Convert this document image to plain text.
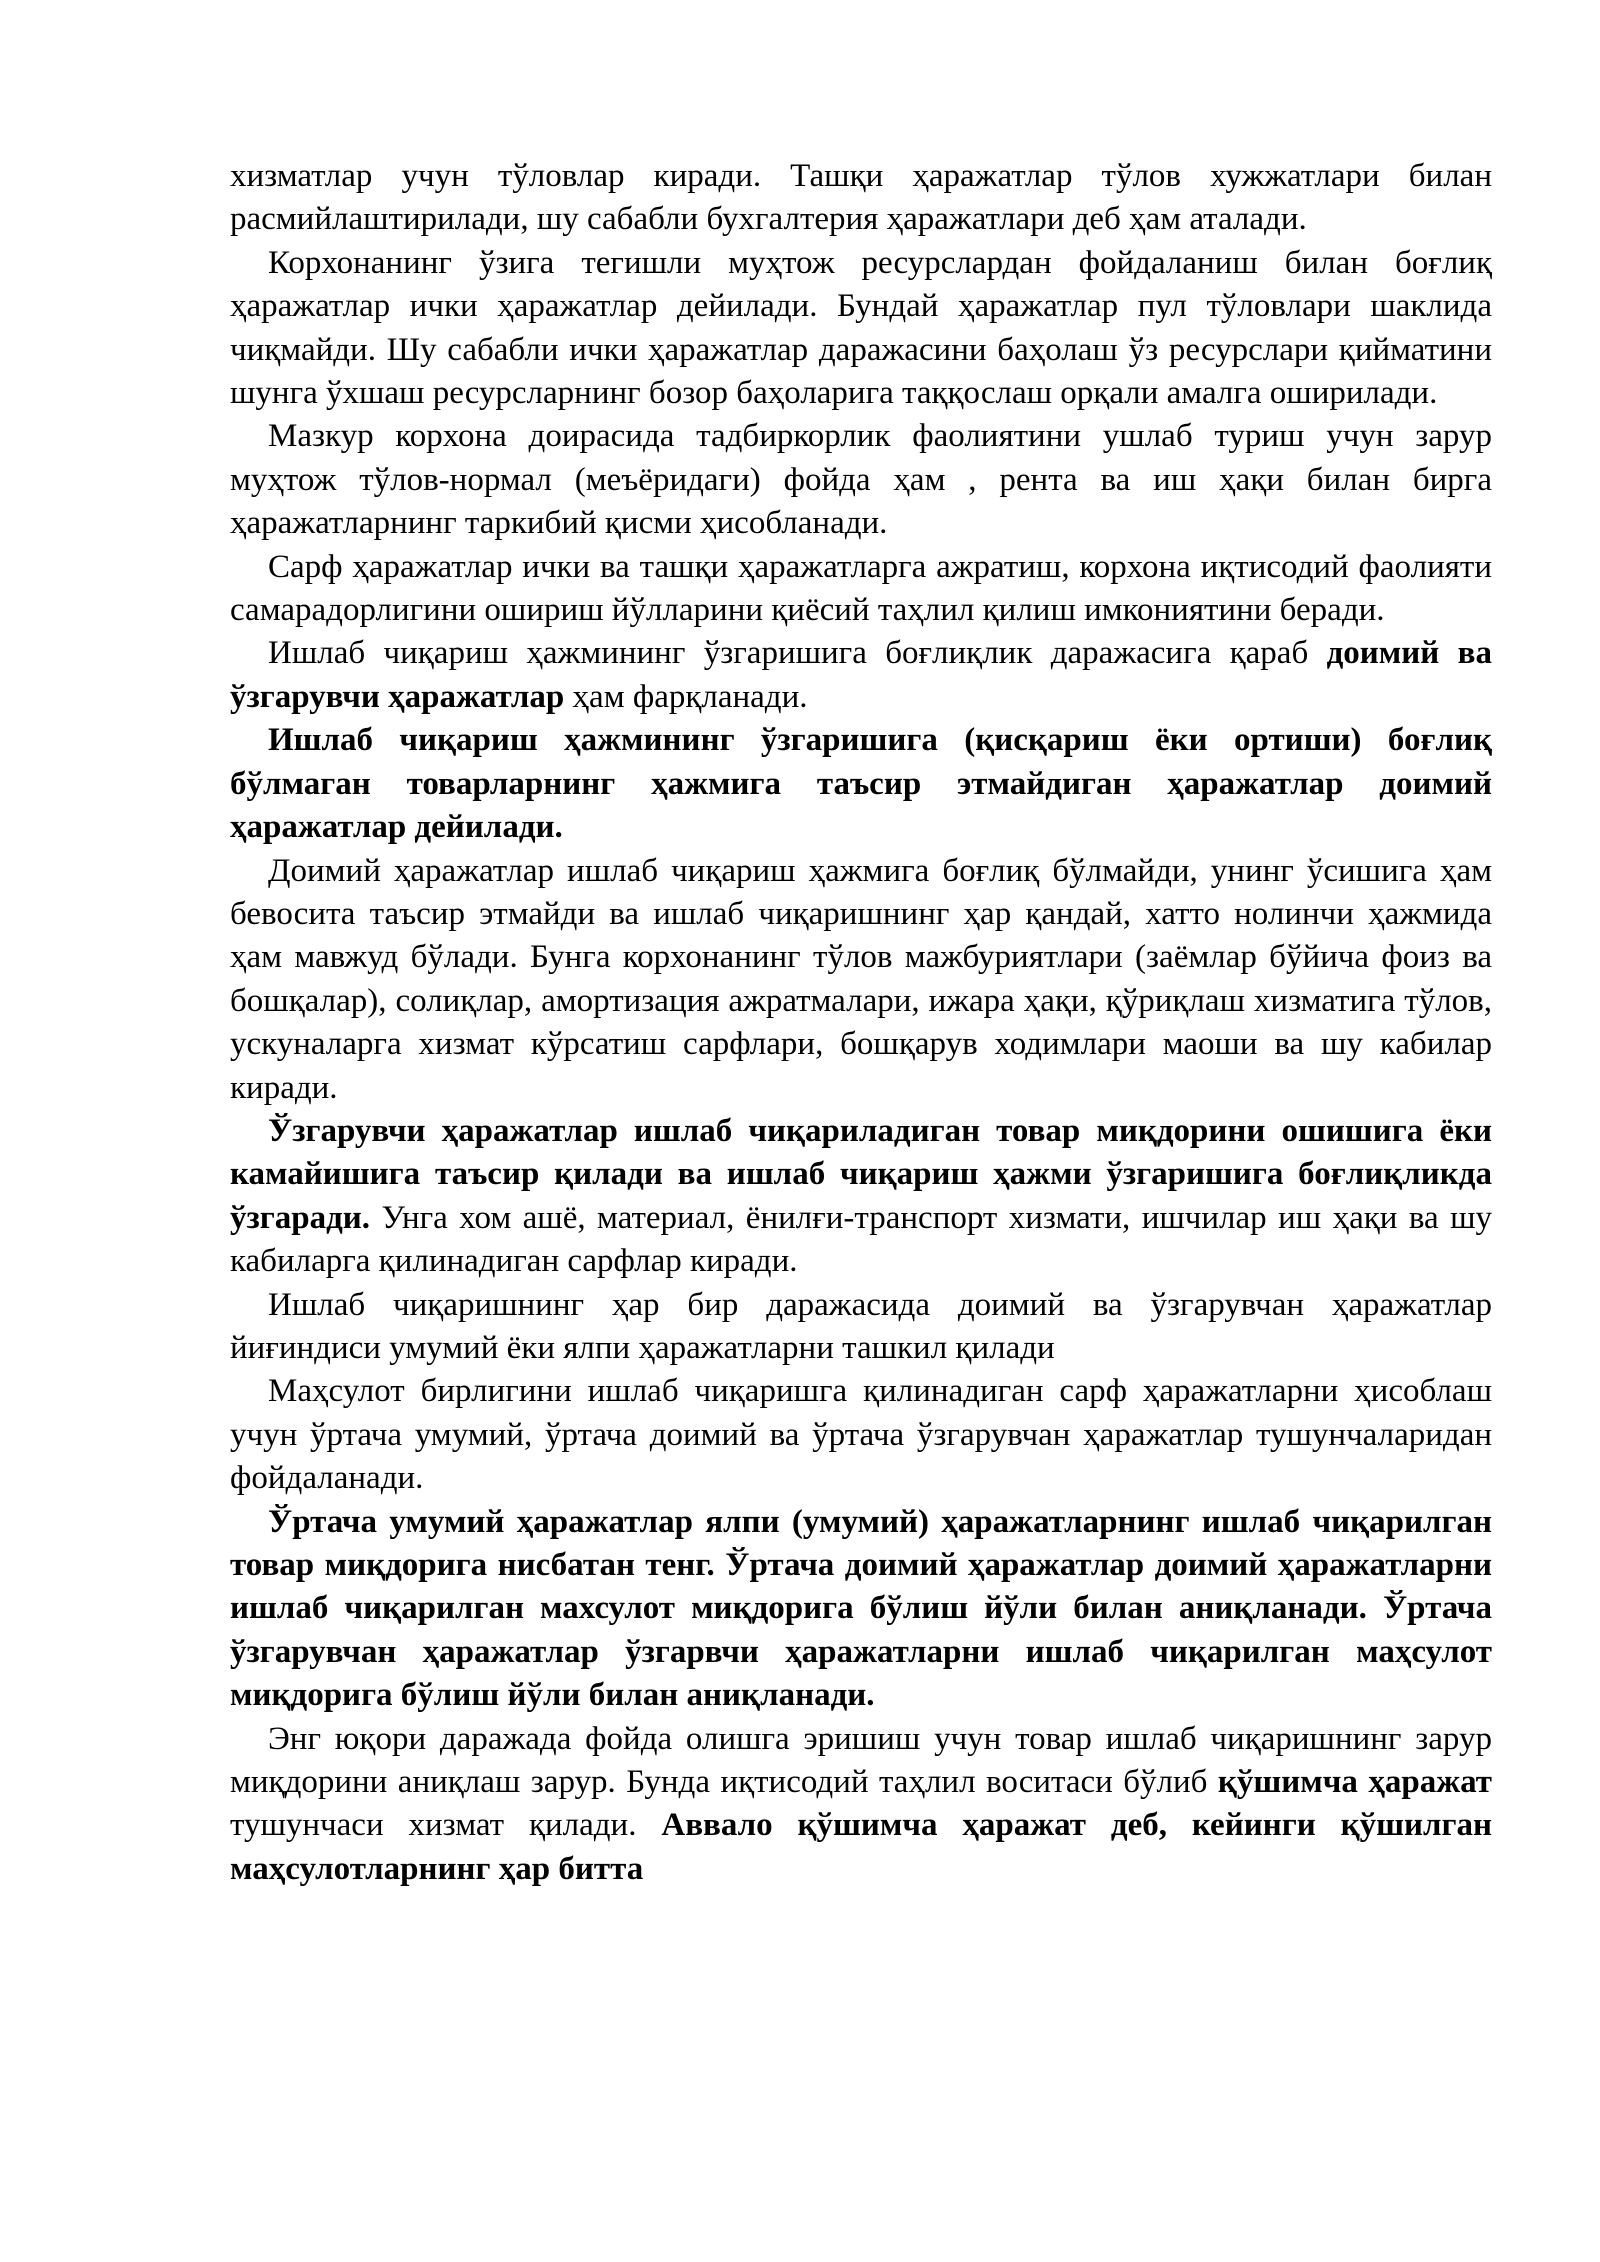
хизматлар учун тўловлар киради. Ташқи ҳаражатлар тўлов хужжатлари билан расмийлаштирилади, шу сабабли бухгалтерия ҳаражатлари деб ҳам аталади.

Корхонанинг ўзига тегишли муҳтож ресурслардан фойдаланиш билан боғлиқ ҳаражатлар ички ҳаражатлар дейилади. Бундай ҳаражатлар пул тўловлари шаклида чиқмайди. Шу сабабли ички ҳаражатлар даражасини баҳолаш ўз ресурслари қийматини шунга ўхшаш ресурсларнинг бозор баҳоларига таққослаш орқали амалга оширилади.

Мазкур корхона доирасида тадбиркорлик фаолиятини ушлаб туриш учун зарур муҳтож тўлов-нормал (меъёридаги) фойда ҳам , рента ва иш ҳақи билан бирга ҳаражатларнинг таркибий қисми ҳисобланади.

Сарф ҳаражатлар ички ва ташқи ҳаражатларга ажратиш, корхона иқтисодий фаолияти самарадорлигини ошириш йўлларини қиёсий таҳлил қилиш имкониятини беради.

Ишлаб чиқариш ҳажмининг ўзгаришига боғлиқлик даражасига қараб доимий ва ўзгарувчи ҳаражатлар ҳам фарқланади.

Ишлаб чиқариш ҳажмининг ўзгаришига (қисқариш ёки ортиши) боғлиқ бўлмаган товарларнинг ҳажмига таъсир этмайдиган ҳаражатлар доимий ҳаражатлар дейилади.

Доимий ҳаражатлар ишлаб чиқариш ҳажмига боғлиқ бўлмайди, унинг ўсишига ҳам бевосита таъсир этмайди ва ишлаб чиқаришнинг ҳар қандай, хатто нолинчи ҳажмида ҳам мавжуд бўлади. Бунга корхонанинг тўлов мажбуриятлари (заёмлар бўйича фоиз ва бошқалар), солиқлар, амортизация ажратмалари, ижара ҳақи, қўриқлаш хизматига тўлов, ускуналарга хизмат кўрсатиш сарфлари, бошқарув ходимлари маоши ва шу кабилар киради.

Ўзгарувчи ҳаражатлар ишлаб чиқариладиган товар миқдорини ошишига ёки камайишига таъсир қилади ва ишлаб чиқариш ҳажми ўзгаришига боғлиқликда ўзгаради. Унга хом ашё, материал, ёнилғи-транспорт хизмати, ишчилар иш ҳақи ва шу кабиларга қилинадиган сарфлар киради.

Ишлаб чиқаришнинг ҳар бир даражасида доимий ва ўзгарувчан ҳаражатлар йиғиндиси умумий ёки ялпи ҳаражатларни ташкил қилади

Маҳсулот бирлигини ишлаб чиқаришга қилинадиган сарф ҳаражатларни ҳисоблаш учун ўртача умумий, ўртача доимий ва ўртача ўзгарувчан ҳаражатлар тушунчаларидан фойдаланади.

Ўртача умумий ҳаражатлар ялпи (умумий) ҳаражатларнинг ишлаб чиқарилган товар миқдорига нисбатан тенг. Ўртача доимий ҳаражатлар доимий ҳаражатларни ишлаб чиқарилган махсулот миқдорига бўлиш йўли билан аниқланади. Ўртача ўзгарувчан ҳаражатлар ўзгарвчи ҳаражатларни ишлаб чиқарилган маҳсулот миқдорига бўлиш йўли билан аниқланади.

Энг юқори даражада фойда олишга эришиш учун товар ишлаб чиқаришнинг зарур миқдорини аниқлаш зарур. Бунда иқтисодий таҳлил воситаси бўлиб қўшимча ҳаражат тушунчаси хизмат қилади. Аввало қўшимча ҳаражат деб, кейинги қўшилган маҳсулотларнинг ҳар битта
